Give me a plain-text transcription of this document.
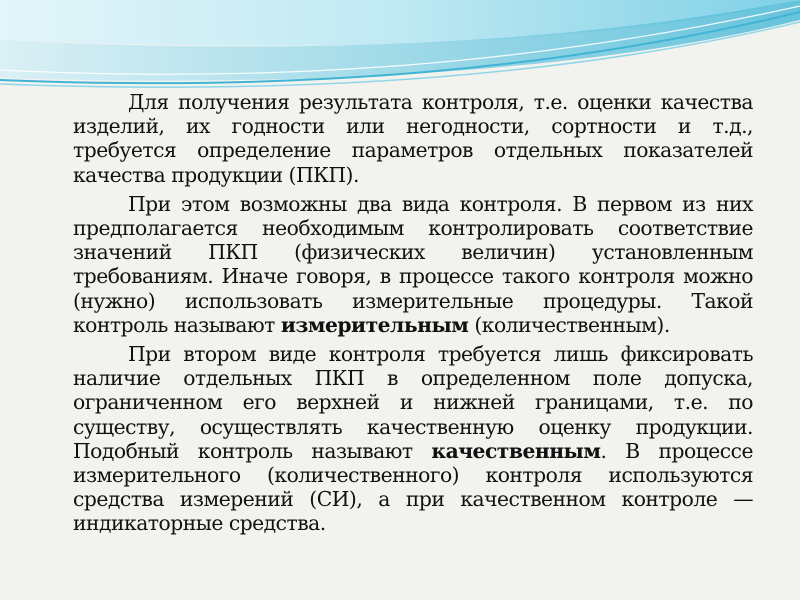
Для получения результата контроля, т.е. оценки качества изделий, их годности или негодности, сортности и т.д., требуется определение параметров отдельных показателей качества продукции (ПКП).

При этом возможны два вида контроля. В первом из них предполагается необходимым контролировать соответствие значений ПКП (физических величин) установленным требованиям. Иначе говоря, в процессе такого контроля можно (нужно) использовать измерительные процедуры. Такой контроль называют измерительным (количественным).

При втором виде контроля требуется лишь фиксировать наличие отдельных ПКП в определенном поле допуска, ограниченном его верхней и нижней границами, т.е. по существу, осуществлять качественную оценку продукции. Подобный контроль называют качественным. В процессе измерительного (количественного) контроля используются средства измерений (СИ), а при качественном контроле — индикаторные средства.
